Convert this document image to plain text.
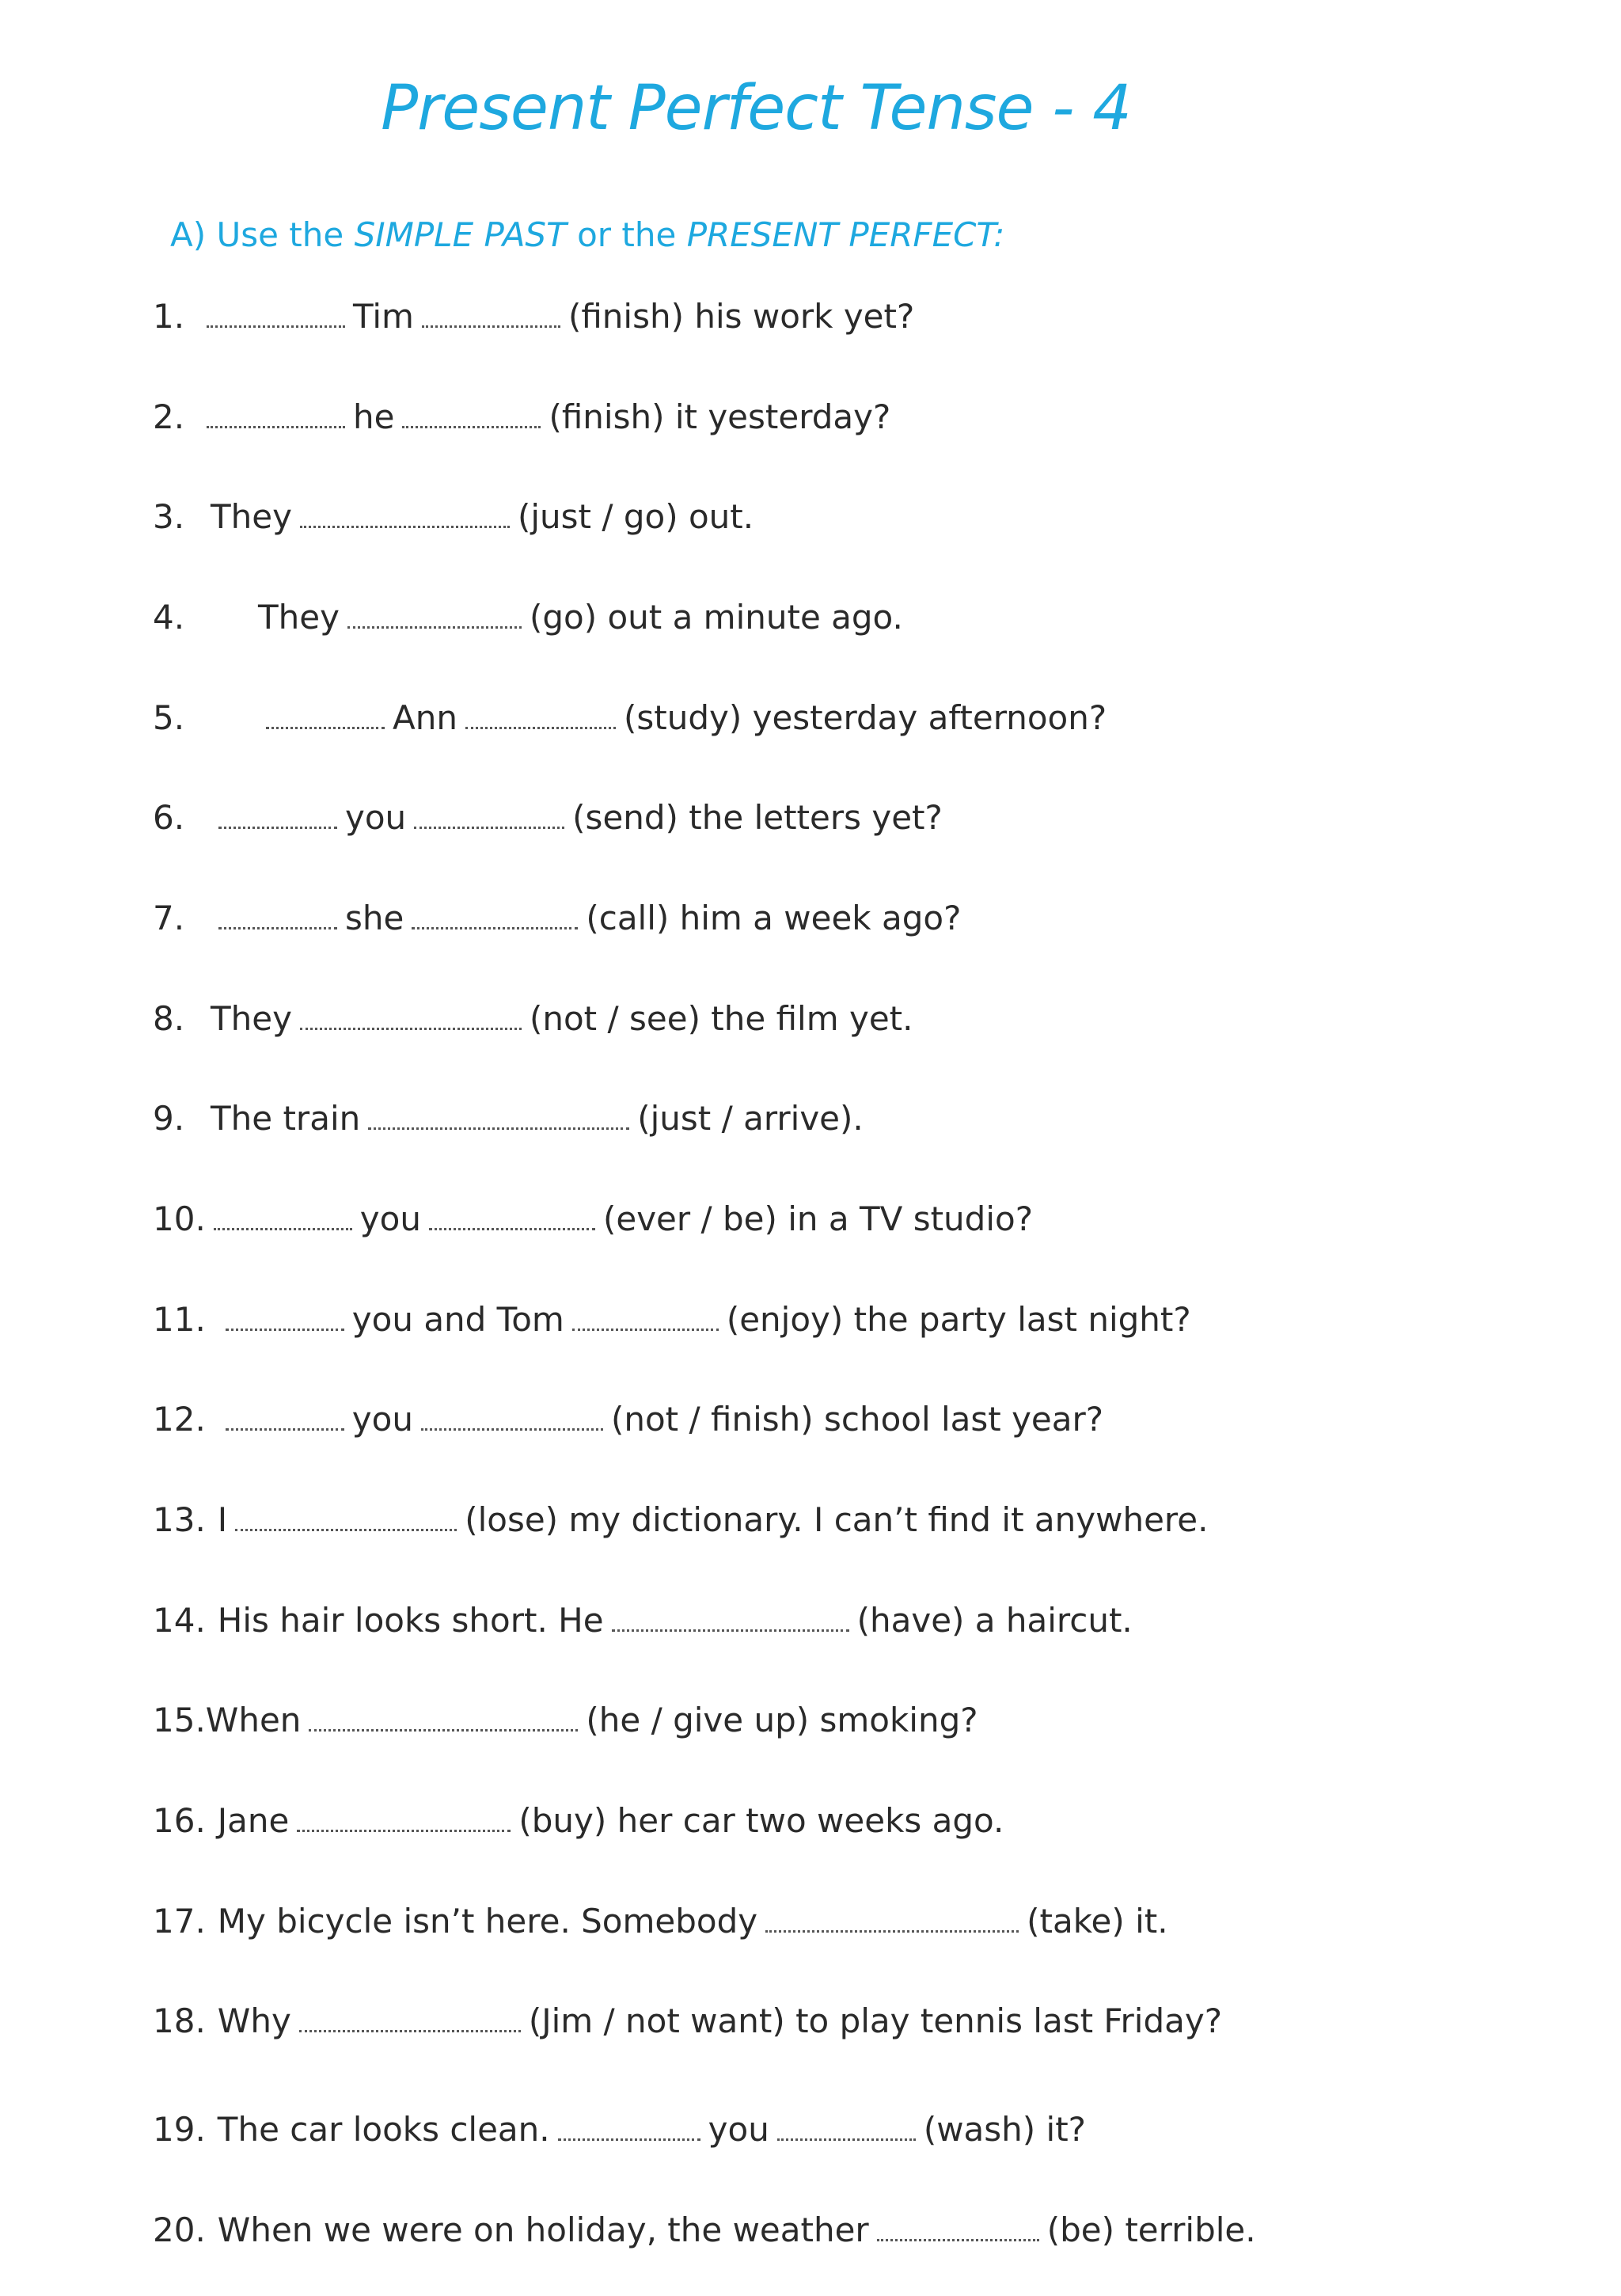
Present Perfect Tense - 4
A) Use the SIMPLE PAST or the PRESENT PERFECT:
1.	Tim	(finish) his work yet?
2.	he	(finish) it yesterday?
3. They	(just / go) out.
4. They	(go) out a minute ago.
5.	Ann	(study) yesterday afternoon?
6.	you	(send) the letters yet?
7.	she	(call) him a week ago?
8. They	(not / see) the film yet.
9. The train	(just / arrive).
10.	you	(ever / be) in a TV studio?
11.	you and Tom	(enjoy) the party last night?
12.	you	(not / finish) school last year?
13. I	(lose) my dictionary. I can’t find it anywhere.
14. His hair looks short. He	(have) a haircut.
15.When	(he / give up) smoking?
16. Jane	(buy) her car two weeks ago.
17. My bicycle isn’t here. Somebody	(take) it.
18. Why	(Jim / not want) to play tennis last Friday?
19. The car looks clean.	you	(wash) it?
20. When we were on holiday, the weather	(be) terrible.
